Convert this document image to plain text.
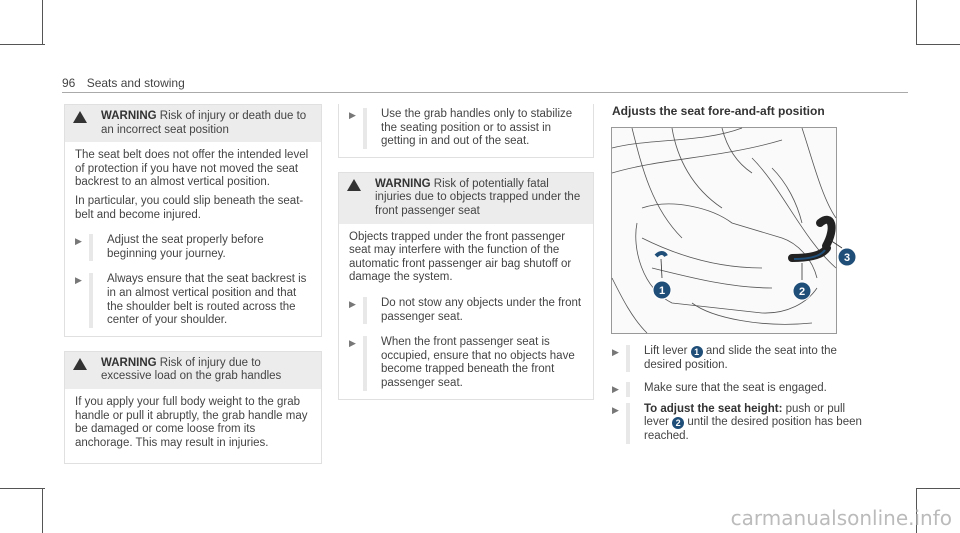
96 Seats and stowing
WARNING Risk of injury or death due to an incorrect seat position

The seat belt does not offer the intended level of protection if you have not moved the seat backrest to an almost vertical position.

In particular, you could slip beneath the seat-belt and become injured.

▶	Adjust the seat properly before beginning your journey.
▶	Always ensure that the seat backrest is in an almost vertical position and that the shoulder belt is routed across the center of your shoulder.
WARNING Risk of injury due to excessive load on the grab handles

If you apply your full body weight to the grab handle or pull it abruptly, the grab handle may be damaged or come loose from its anchorage. This may result in injuries.

▶	Use the grab handles only to stabilize the seating position or to assist in getting in and out of the seat.
WARNING Risk of potentially fatal injuries due to objects trapped under the front passenger seat

Objects trapped under the front passenger seat may interfere with the function of the automatic front passenger air bag shutoff or damage the system.

▶	Do not stow any objects under the front passenger seat.
▶	When the front passenger seat is occupied, ensure that no objects have become trapped beneath the front passenger seat.
Adjusts the seat fore-and-aft position
1	2
3
▶	Lift lever 1 and slide the seat into the desired position.
▶	Make sure that the seat is engaged.
▶	To adjust the seat height: push or pull lever 2 until the desired position has been reached.
carmanualsonline.info
